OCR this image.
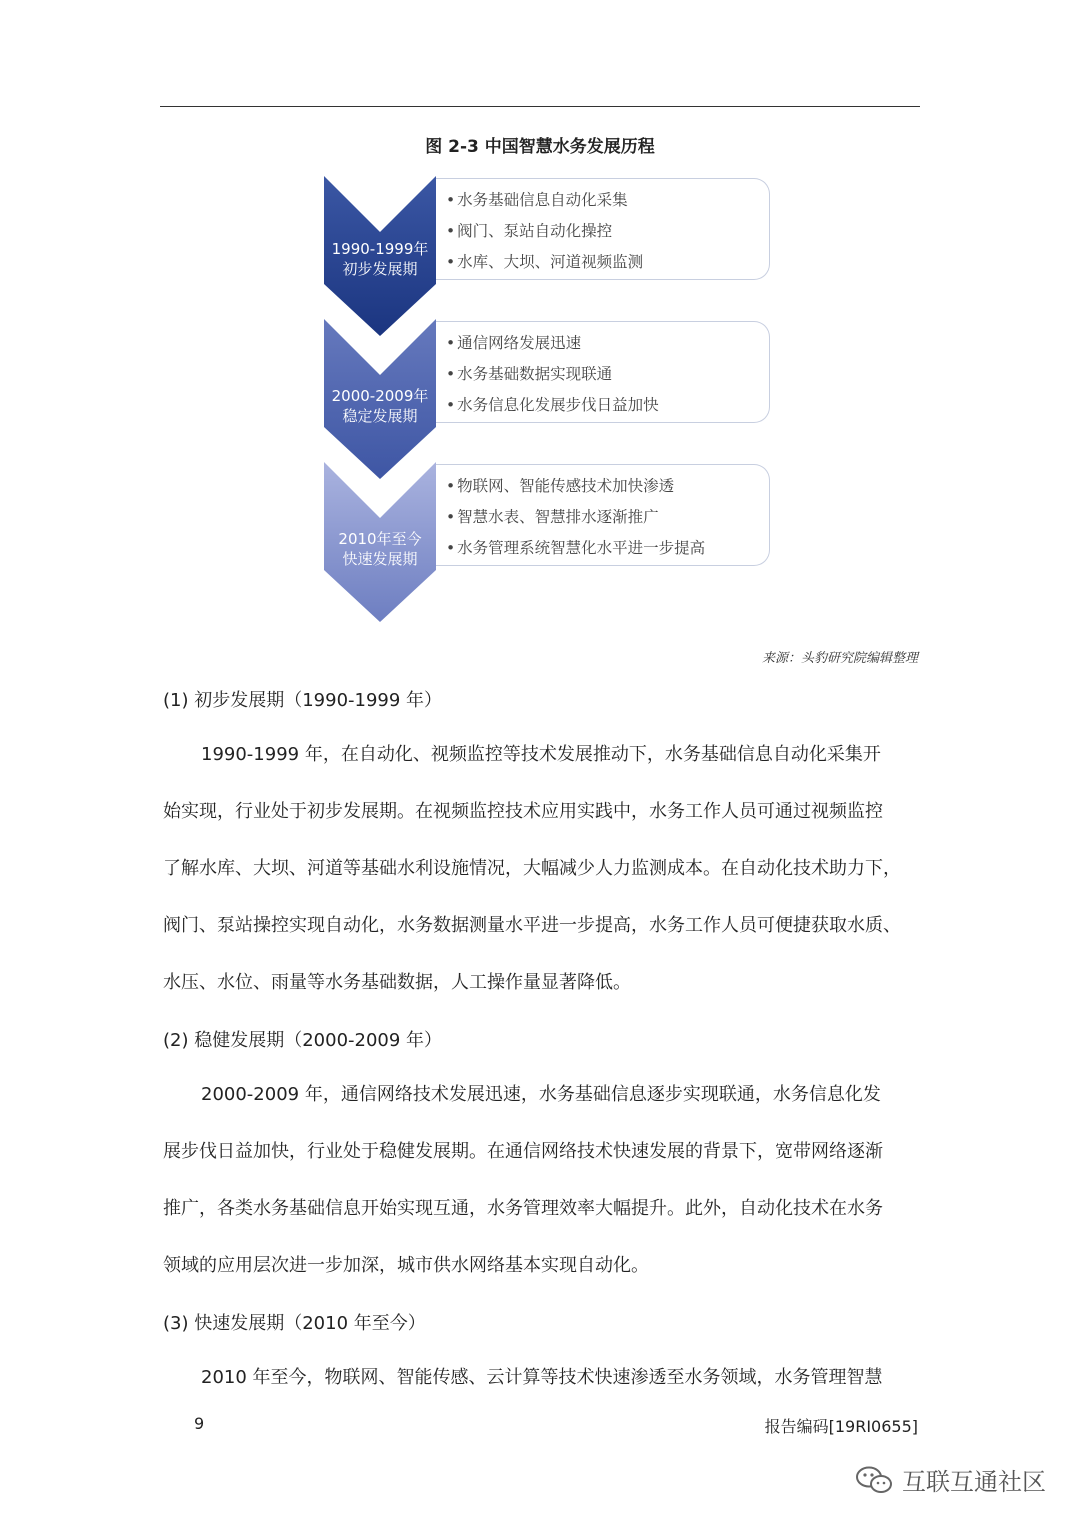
图 2-3 中国智慧水务发展历程
1990-1999年
初步发展期
• 水务基础信息自动化采集
• 阀门、泵站自动化操控
• 水库、大坝、河道视频监测
2000-2009年
稳定发展期
• 通信网络发展迅速
• 水务基础数据实现联通
• 水务信息化发展步伐日益加快
2010年至今
快速发展期
• 物联网、智能传感技术加快渗透
• 智慧水表、智慧排水逐渐推广
• 水务管理系统智慧化水平进一步提高
来源：头豹研究院编辑整理
(1) 初步发展期（1990-1999 年）
1990-1999 年，在自动化、视频监控等技术发展推动下，水务基础信息自动化采集开
始实现，行业处于初步发展期。在视频监控技术应用实践中，水务工作人员可通过视频监控
了解水库、大坝、河道等基础水利设施情况，大幅减少人力监测成本。在自动化技术助力下，
阀门、泵站操控实现自动化，水务数据测量水平进一步提高，水务工作人员可便捷获取水质、
水压、水位、雨量等水务基础数据，人工操作量显著降低。
(2) 稳健发展期（2000-2009 年）
2000-2009 年，通信网络技术发展迅速，水务基础信息逐步实现联通，水务信息化发
展步伐日益加快，行业处于稳健发展期。在通信网络技术快速发展的背景下，宽带网络逐渐
推广，各类水务基础信息开始实现互通，水务管理效率大幅提升。此外，自动化技术在水务
领域的应用层次进一步加深，城市供水网络基本实现自动化。
(3) 快速发展期（2010 年至今）
2010 年至今，物联网、智能传感、云计算等技术快速渗透至水务领域，水务管理智慧
9	报告编码[19RI0655]
互联互通社区
